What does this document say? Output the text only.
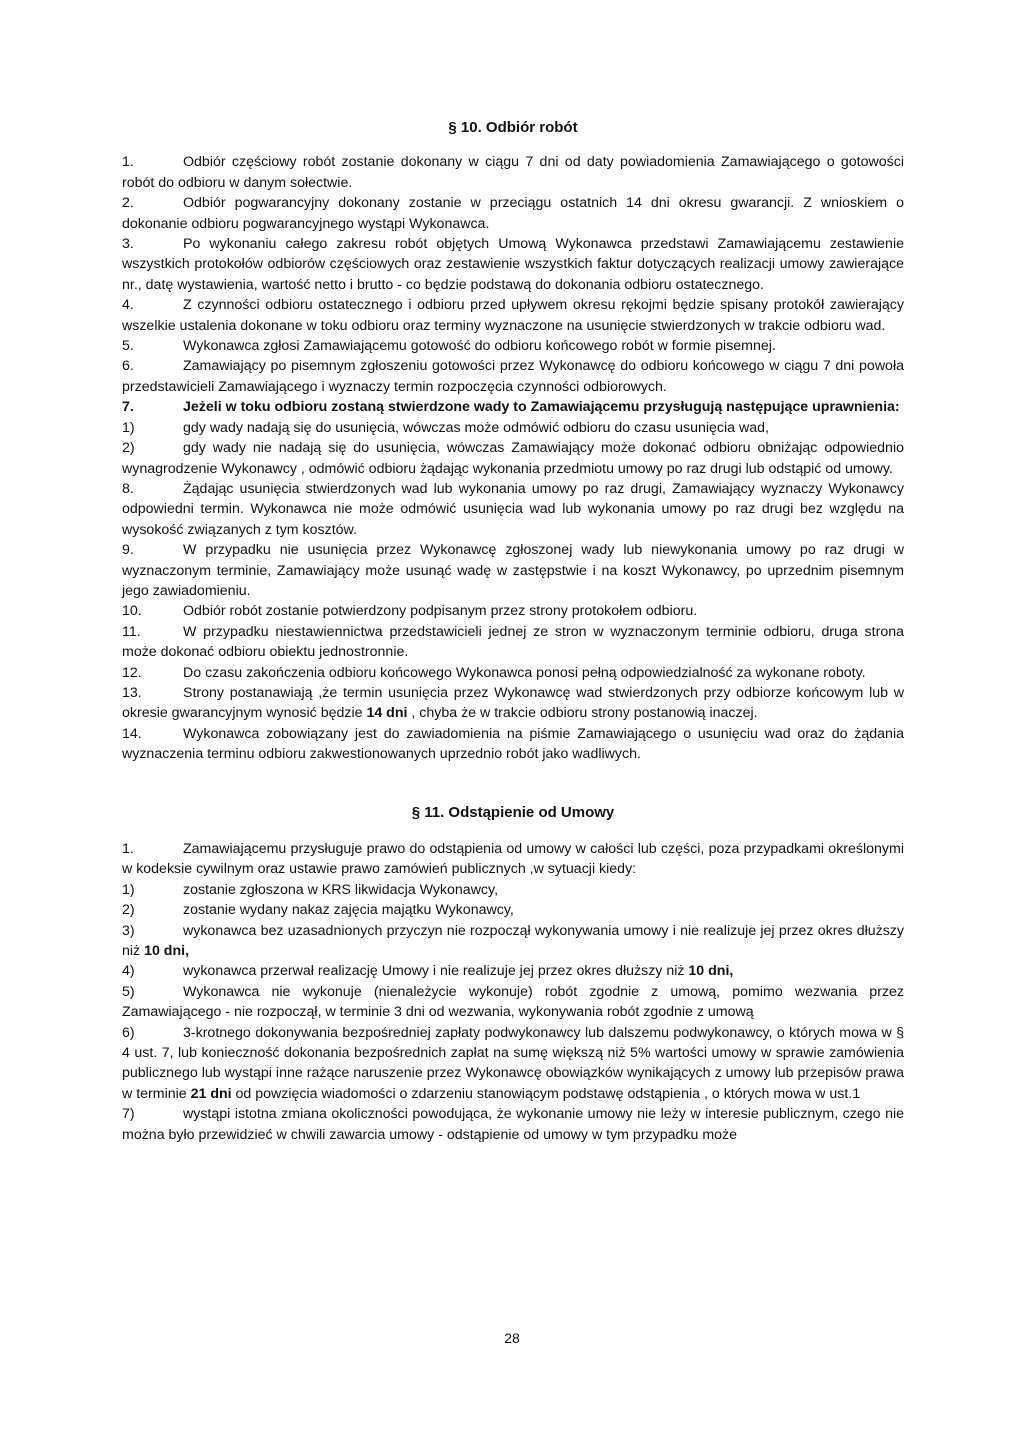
§ 10. Odbiór robót

1.	Odbiór częściowy robót zostanie dokonany w ciągu 7 dni od daty powiadomienia Zamawiającego o gotowości robót do odbioru w danym sołectwie.

2.	Odbiór pogwarancyjny dokonany zostanie w przeciągu ostatnich 14 dni okresu gwarancji. Z wnioskiem o dokonanie odbioru pogwarancyjnego wystąpi Wykonawca.

3.	Po wykonaniu całego zakresu robót objętych Umową Wykonawca przedstawi Zamawiającemu zestawienie wszystkich protokołów odbiorów częściowych oraz zestawienie wszystkich faktur dotyczących realizacji umowy zawierające nr., datę wystawienia, wartość netto i brutto - co będzie podstawą do dokonania odbioru ostatecznego.

4.	Z czynności odbioru ostatecznego i odbioru przed upływem okresu rękojmi będzie spisany protokół zawierający wszelkie ustalenia dokonane w toku odbioru oraz terminy wyznaczone na usunięcie stwierdzonych w trakcie odbioru wad.

5.	Wykonawca zgłosi Zamawiającemu gotowość do odbioru końcowego robót w formie pisemnej.

6.	Zamawiający po pisemnym zgłoszeniu gotowości przez Wykonawcę do odbioru końcowego w ciągu 7 dni powoła przedstawicieli Zamawiającego i wyznaczy termin rozpoczęcia czynności odbiorowych.

7.	Jeżeli w toku odbioru zostaną stwierdzone wady to Zamawiającemu przysługują następujące uprawnienia:

1)	gdy wady nadają się do usunięcia, wówczas może odmówić odbioru do czasu usunięcia wad,

2)	gdy wady nie nadają się do usunięcia, wówczas Zamawiający może dokonać odbioru obniżając odpowiednio wynagrodzenie Wykonawcy , odmówić odbioru żądając wykonania przedmiotu umowy po raz drugi lub odstąpić od umowy.

8.	Żądając usunięcia stwierdzonych wad lub wykonania umowy po raz drugi, Zamawiający wyznaczy Wykonawcy odpowiedni termin. Wykonawca nie może odmówić usunięcia wad lub wykonania umowy po raz drugi bez względu na wysokość związanych z tym kosztów.

9.	W przypadku nie usunięcia przez Wykonawcę zgłoszonej wady lub niewykonania umowy po raz drugi w wyznaczonym terminie, Zamawiający może usunąć wadę w zastępstwie i na koszt Wykonawcy, po uprzednim pisemnym jego zawiadomieniu.

10.	Odbiór robót zostanie potwierdzony podpisanym przez strony protokołem odbioru.

11.	W przypadku niestawiennictwa przedstawicieli jednej ze stron w wyznaczonym terminie odbioru, druga strona może dokonać odbioru obiektu jednostronnie.

12.	Do czasu zakończenia odbioru końcowego Wykonawca ponosi pełną odpowiedzialność za wykonane roboty.

13.	Strony postanawiają ,że termin usunięcia przez Wykonawcę wad stwierdzonych przy odbiorze końcowym lub w okresie gwarancyjnym wynosić będzie 14 dni , chyba że w trakcie odbioru strony postanowią inaczej.

14.	Wykonawca zobowiązany jest do zawiadomienia na piśmie Zamawiającego o usunięciu wad oraz do żądania wyznaczenia terminu odbioru zakwestionowanych uprzednio robót jako wadliwych.

§ 11. Odstąpienie od Umowy

1.	Zamawiającemu przysługuje prawo do odstąpienia od umowy w całości lub części, poza przypadkami określonymi w kodeksie cywilnym oraz ustawie prawo zamówień publicznych ,w sytuacji kiedy:

1)	zostanie zgłoszona w KRS likwidacja Wykonawcy,

2)	zostanie wydany nakaz zajęcia majątku Wykonawcy,

3)	wykonawca bez uzasadnionych przyczyn nie rozpoczął wykonywania umowy i nie realizuje jej przez okres dłuższy niż 10 dni,

4)	wykonawca przerwał realizację Umowy i nie realizuje jej przez okres dłuższy niż 10 dni,

5)	Wykonawca nie wykonuje (nienależycie wykonuje) robót zgodnie z umową, pomimo wezwania przez Zamawiającego - nie rozpoczął, w terminie 3 dni od wezwania, wykonywania robót zgodnie z umową

6)	3-krotnego dokonywania bezpośredniej zapłaty podwykonawcy lub dalszemu podwykonawcy, o których mowa w § 4 ust. 7, lub konieczność dokonania bezpośrednich zapłat na sumę większą niż 5% wartości umowy w sprawie zamówienia publicznego lub wystąpi inne rażące naruszenie przez Wykonawcę obowiązków wynikających z umowy lub przepisów prawa w terminie 21 dni od powzięcia wiadomości o zdarzeniu stanowiącym podstawę odstąpienia , o których mowa w ust.1

7)	wystąpi istotna zmiana okoliczności powodująca, że wykonanie umowy nie leży w interesie publicznym, czego nie można było przewidzieć w chwili zawarcia umowy - odstąpienie od umowy w tym przypadku może

28
